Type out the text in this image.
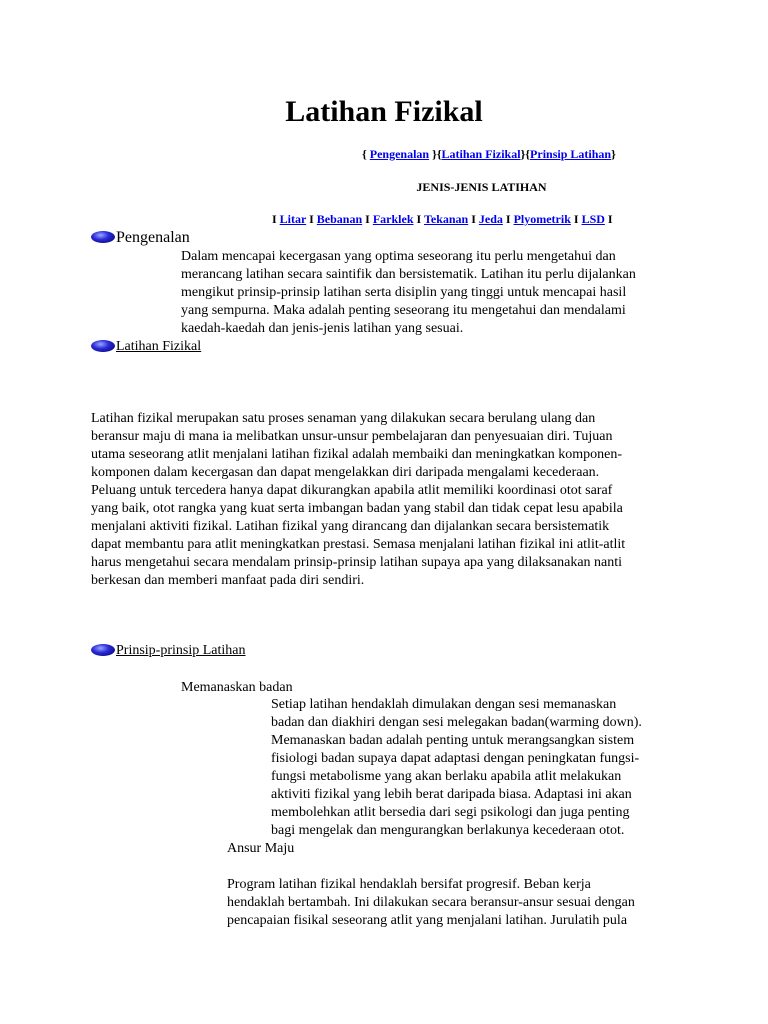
Latihan Fizikal
{ Pengenalan }{Latihan Fizikal}{Prinsip Latihan}
JENIS-JENIS LATIHAN
I Litar I Bebanan I Farklek I Tekanan I Jeda I Plyometrik I LSD I
Pengenalan

Dalam mencapai kecergasan yang optima seseorang itu perlu mengetahui dan

merancang latihan secara saintifik dan bersistematik. Latihan itu perlu dijalankan

mengikut prinsip-prinsip latihan serta disiplin yang tinggi untuk mencapai hasil

yang sempurna. Maka adalah penting seseorang itu mengetahui dan mendalami

kaedah-kaedah dan jenis-jenis latihan yang sesuai.

Latihan Fizikal

Latihan fizikal merupakan satu proses senaman yang dilakukan secara berulang ulang dan

beransur maju di mana ia melibatkan unsur-unsur pembelajaran dan penyesuaian diri. Tujuan

utama seseorang atlit menjalani latihan fizikal adalah membaiki dan meningkatkan komponen-

komponen dalam kecergasan dan dapat mengelakkan diri daripada mengalami kecederaan.

Peluang untuk tercedera hanya dapat dikurangkan apabila atlit memiliki koordinasi otot saraf

yang baik, otot rangka yang kuat serta imbangan badan yang stabil dan tidak cepat lesu apabila

menjalani aktiviti fizikal. Latihan fizikal yang dirancang dan dijalankan secara bersistematik

dapat membantu para atlit meningkatkan prestasi. Semasa menjalani latihan fizikal ini atlit-atlit

harus mengetahui secara mendalam prinsip-prinsip latihan supaya apa yang dilaksanakan nanti

berkesan dan memberi manfaat pada diri sendiri.

Prinsip-prinsip Latihan
Memanaskan badan

Setiap latihan hendaklah dimulakan dengan sesi memanaskan

badan dan diakhiri dengan sesi melegakan badan(warming down).

Memanaskan badan adalah penting untuk merangsangkan sistem

fisiologi badan supaya dapat adaptasi dengan peningkatan fungsi-

fungsi metabolisme yang akan berlaku apabila atlit melakukan

aktiviti fizikal yang lebih berat daripada biasa. Adaptasi ini akan

membolehkan atlit bersedia dari segi psikologi dan juga penting

bagi mengelak dan mengurangkan berlakunya kecederaan otot.

Ansur Maju

Program latihan fizikal hendaklah bersifat progresif. Beban kerja

hendaklah bertambah. Ini dilakukan secara beransur-ansur sesuai dengan

pencapaian fisikal seseorang atlit yang menjalani latihan. Jurulatih pula
